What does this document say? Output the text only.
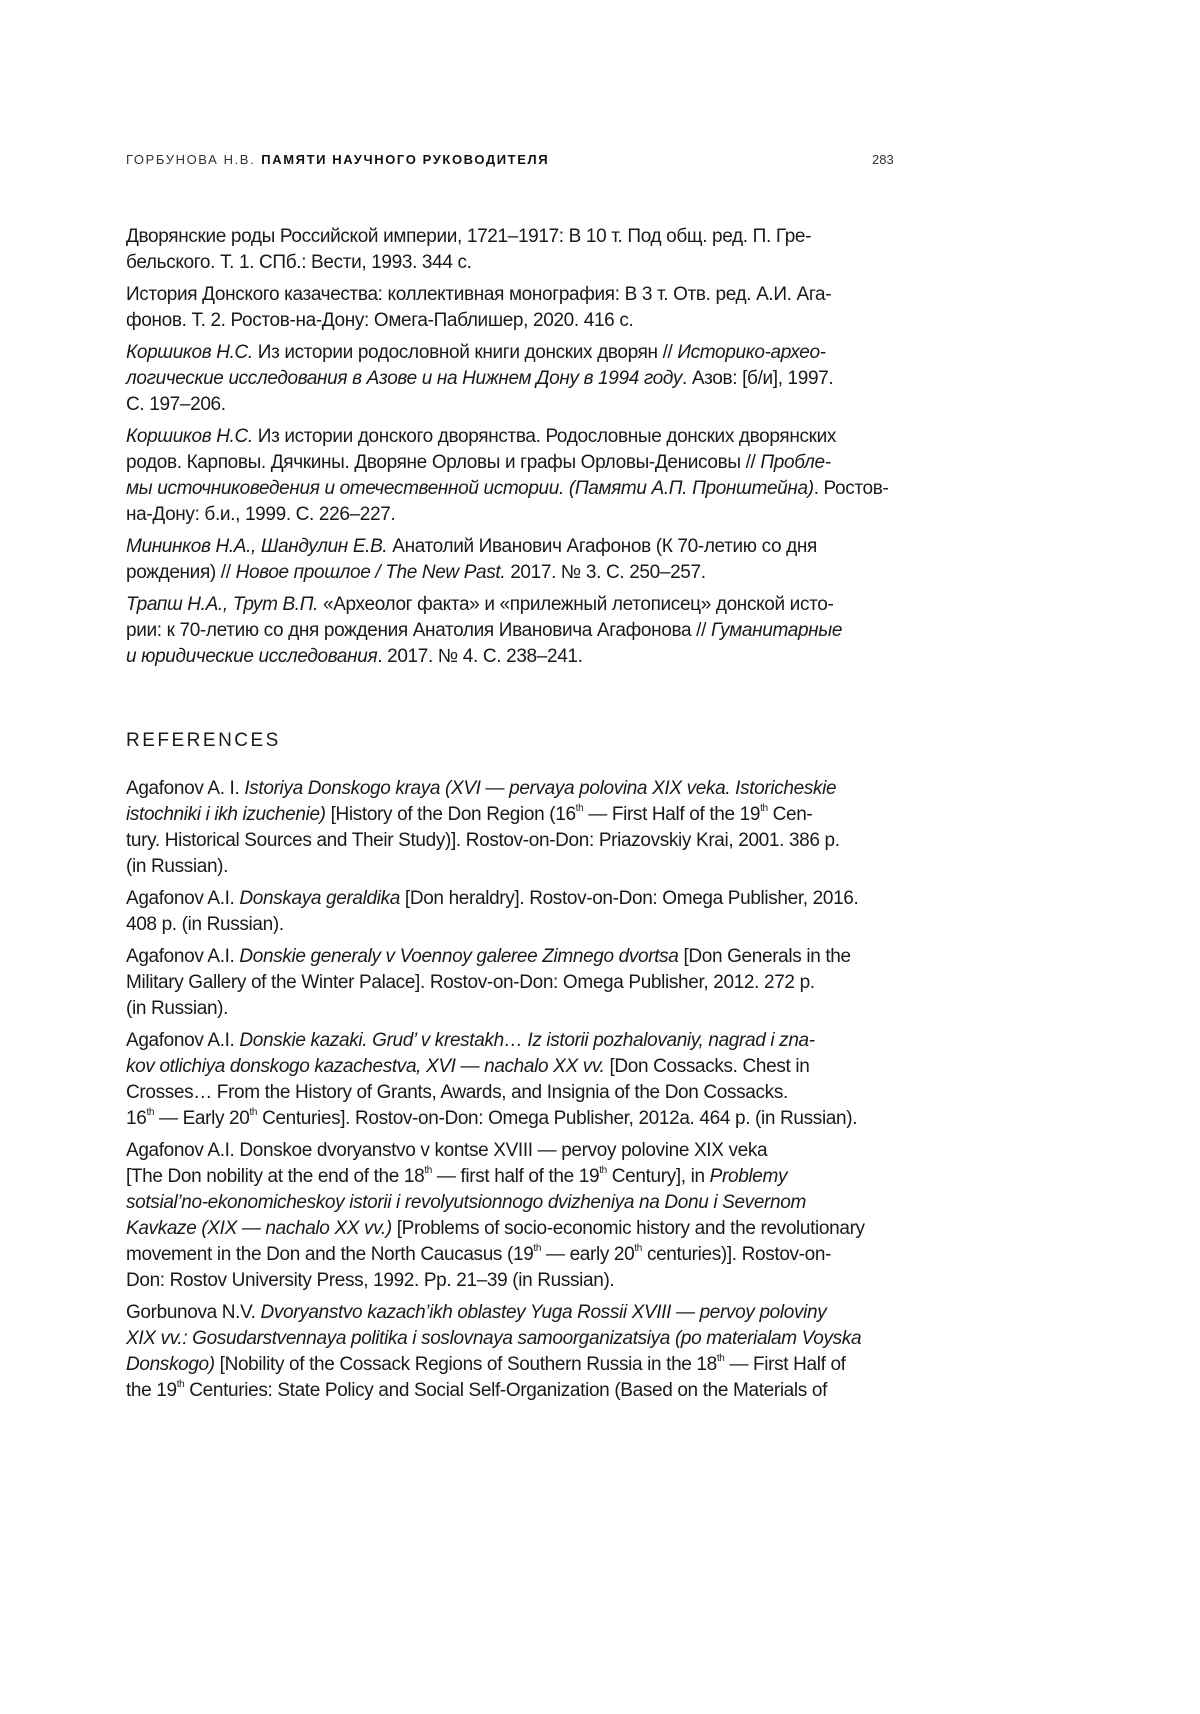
ГОРБУНОВА Н.В. ПАМЯТИ НАУЧНОГО РУКОВОДИТЕЛЯ	283
Дворянские роды Российской империи, 1721–1917: В 10 т. Под общ. ред. П. Гре-
бельского. Т. 1. СПб.: Вести, 1993. 344 с.
История Донского казачества: коллективная монография: В 3 т. Отв. ред. А.И. Ага-
фонов. Т. 2. Ростов-на-Дону: Омега-Паблишер, 2020. 416 с.
Коршиков Н.С. Из истории родословной книги донских дворян // Историко-архео-
логические исследования в Азове и на Нижнем Дону в 1994 году. Азов: [б/и], 1997.
С. 197–206.
Коршиков Н.С. Из истории донского дворянства. Родословные донских дворянских
родов. Карповы. Дячкины. Дворяне Орловы и графы Орловы-Денисовы // Пробле-
мы источниковедения и отечественной истории. (Памяти А.П. Пронштейна). Ростов-
на-Дону: б.и., 1999. С. 226–227.
Мининков Н.А., Шандулин Е.В. Анатолий Иванович Агафонов (К 70-летию со дня
рождения) // Новое прошлое / The New Past. 2017. № 3. С. 250–257.
Трапш Н.А., Трут В.П. «Археолог факта» и «прилежный летописец» донской исто-
рии: к 70-летию со дня рождения Анатолия Ивановича Агафонова // Гуманитарные
и юридические исследования. 2017. № 4. С. 238–241.
REFERENCES
Agafonov A. I. Istoriya Donskogo kraya (XVI — pervaya polovina XIX veka. Istoricheskie
istochniki i ikh izuchenie) [History of the Don Region (16th — First Half of the 19th Cen-
tury. Historical Sources and Their Study)]. Rostov-on-Don: Priazovskiy Krai, 2001. 386 p.
(in Russian).
Agafonov A.I. Donskaya geraldika [Don heraldry]. Rostov-on-Don: Omega Publisher, 2016.
408 p. (in Russian).
Agafonov A.I. Donskie generaly v Voennoy galeree Zimnego dvortsa [Don Generals in the
Military Gallery of the Winter Palace]. Rostov-on-Don: Omega Publisher, 2012. 272 p.
(in Russian).
Agafonov A.I. Donskie kazaki. Grud’ v krestakh… Iz istorii pozhalovaniy, nagrad i zna-
kov otlichiya donskogo kazachestva, XVI — nachalo XX vv. [Don Cossacks. Chest in
Crosses… From the History of Grants, Awards, and Insignia of the Don Cossacks.
16th — Early 20th Centuries]. Rostov-on-Don: Omega Publisher, 2012a. 464 p. (in Russian).
Agafonov A.I. Donskoe dvoryanstvo v kontse XVIII — pervoy polovine XIX veka
[The Don nobility at the end of the 18th — first half of the 19th Century], in Problemy
sotsial’no-ekonomicheskoy istorii i revolyutsionnogo dvizheniya na Donu i Severnom
Kavkaze (XIX — nachalo XX vv.) [Problems of socio-economic history and the revolutionary
movement in the Don and the North Caucasus (19th — early 20th centuries)]. Rostov-on-
Don: Rostov University Press, 1992. Pp. 21–39 (in Russian).
Gorbunova N.V. Dvoryanstvo kazach’ikh oblastey Yuga Rossii XVIII — pervoy poloviny
XIX vv.: Gosudarstvennaya politika i soslovnaya samoorganizatsiya (po materialam Voyska
Donskogo) [Nobility of the Cossack Regions of Southern Russia in the 18th — First Half of
the 19th Centuries: State Policy and Social Self-Organization (Based on the Materials of
